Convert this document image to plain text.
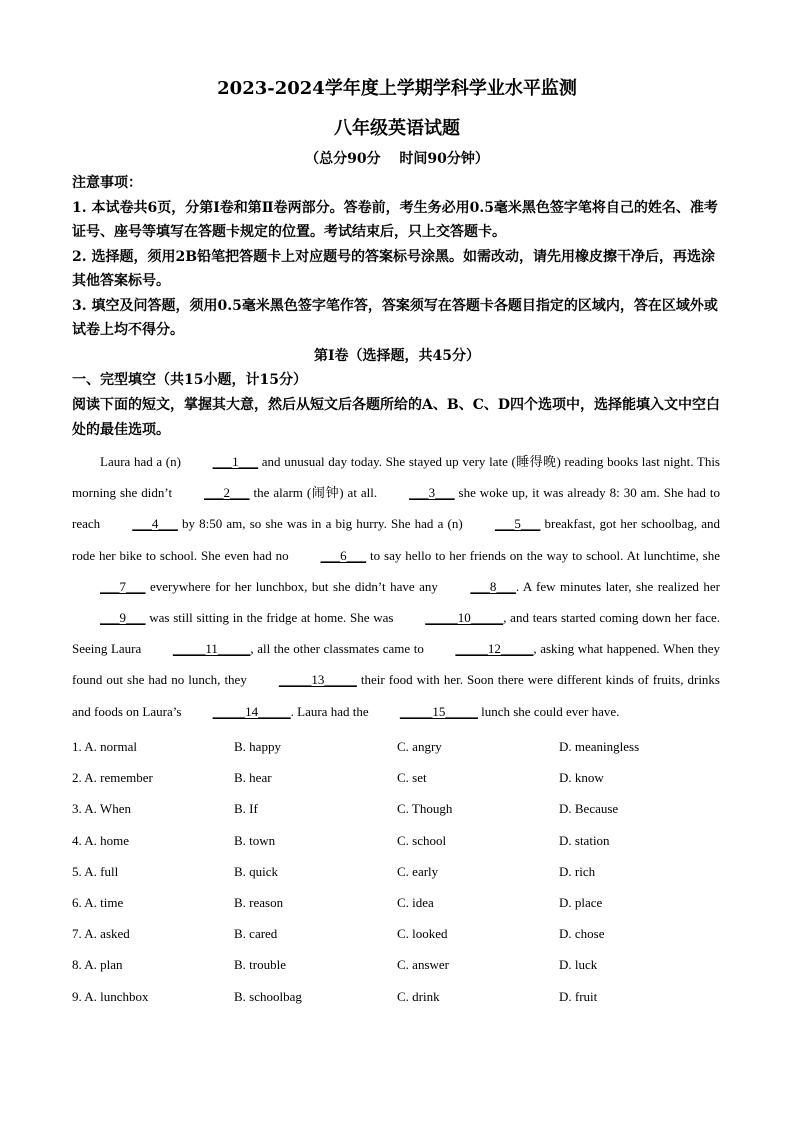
2023-2024学年度上学期学科学业水平监测
八年级英语试题
（总分90分　 时间90分钟）

注意事项：

1. 本试卷共6页，分第Ⅰ卷和第Ⅱ卷两部分。答卷前，考生务必用0.5毫米黑色签字笔将自己的姓名、准考证号、座号等填写在答题卡规定的位置。考试结束后，只上交答题卡。

2. 选择题，须用2B铅笔把答题卡上对应题号的答案标号涂黑。如需改动，请先用橡皮擦干净后，再选涂其他答案标号。

3. 填空及问答题，须用0.5毫米黑色签字笔作答，答案须写在答题卡各题目指定的区域内，答在区域外或试卷上均不得分。

第Ⅰ卷（选择题，共45分）

一、完型填空（共15小题，计15分）

阅读下面的短文，掌握其大意，然后从短文后各题所给的A、B、C、D四个选项中，选择能填入文中空白处的最佳选项。

Laura had a (n) ___1___ and unusual day today. She stayed up very late (睡得晚) reading books last night. This morning she didn’t ___2___ the alarm (闹钟) at all. ___3___ she woke up, it was already 8: 30 am. She had to reach ___4___ by 8:50 am, so she was in a big hurry. She had a (n) ___5___ breakfast, got her schoolbag, and rode her bike to school. She even had no ___6___ to say hello to her friends on the way to school. At lunchtime, she ___7___ everywhere for her lunchbox, but she didn’t have any ___8___. A few minutes later, she realized her ___9___ was still sitting in the fridge at home. She was _____10_____, and tears started coming down her face. Seeing Laura _____11_____, all the other classmates came to _____12_____, asking what happened. When they found out she had no lunch, they _____13_____ their food with her. Soon there were different kinds of fruits, drinks and foods on Laura’s _____14_____. Laura had the _____15_____ lunch she could ever have.

1. A. normal	B. happy	C. angry	D. meaningless
2. A. remember	B. hear	C. set	D. know
3. A. When	B. If	C. Though	D. Because
4. A. home	B. town	C. school	D. station
5. A. full	B. quick	C. early	D. rich
6. A. time	B. reason	C. idea	D. place
7. A. asked	B. cared	C. looked	D. chose
8. A. plan	B. trouble	C. answer	D. luck
9. A. lunchbox	B. schoolbag	C. drink	D. fruit
